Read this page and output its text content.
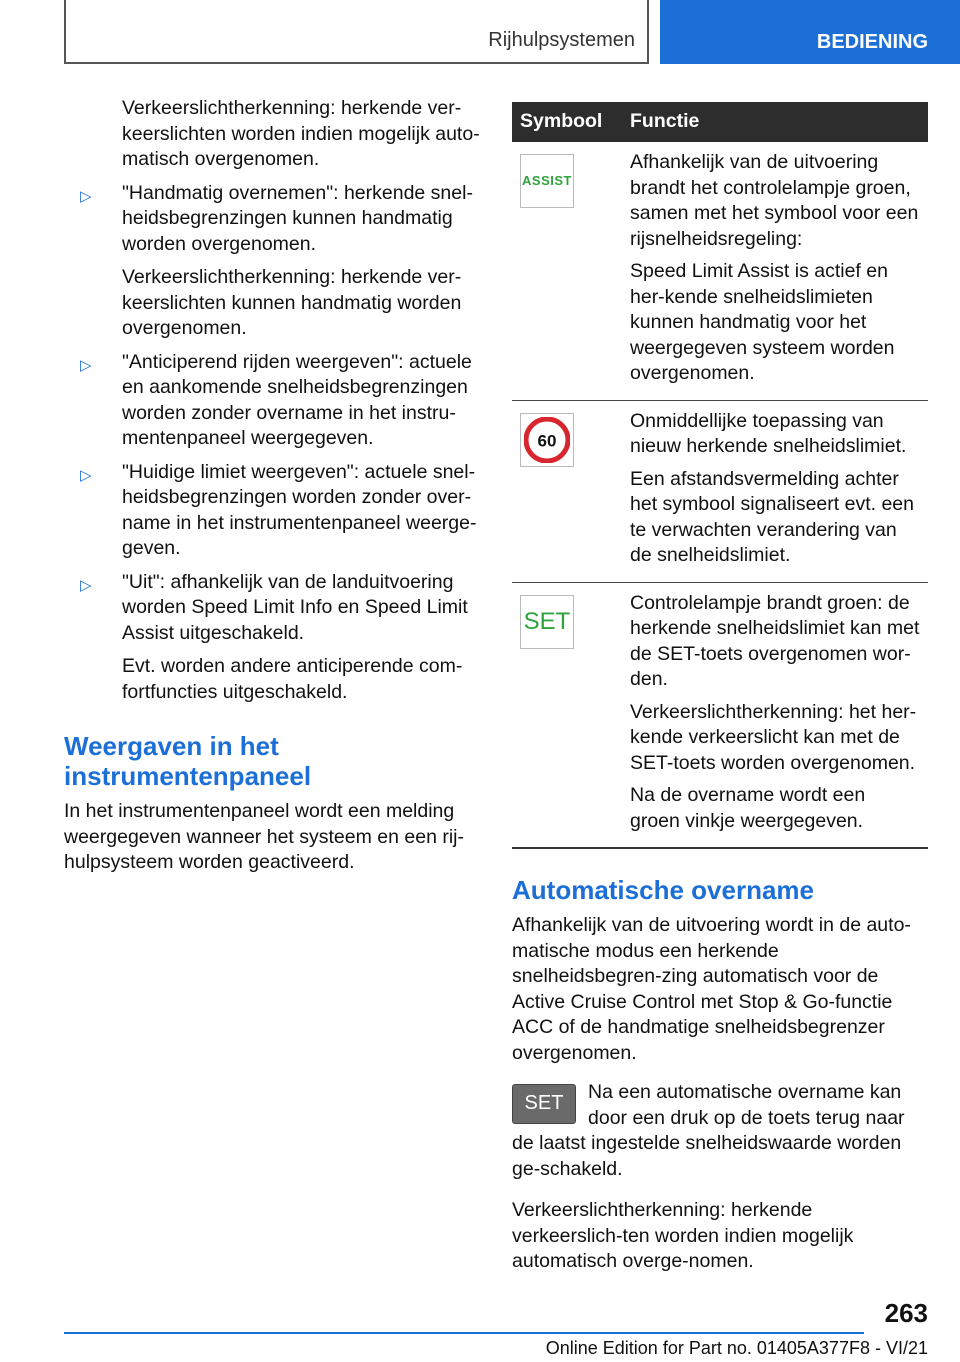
Rijhulpsystemen	BEDIENING

Verkeerslichtherkenning: herkende ver-keerslichten worden indien mogelijk auto-matisch overgenomen.

▷ "Handmatig overnemen": herkende snel-heidsbegrenzingen kunnen handmatig worden overgenomen.

Verkeerslichtherkenning: herkende ver-keerslichten kunnen handmatig worden overgenomen.

▷ "Anticiperend rijden weergeven": actuele en aankomende snelheidsbegrenzingen worden zonder overname in het instru-mentenpaneel weergegeven.
▷ "Huidige limiet weergeven": actuele snel-heidsbegrenzingen worden zonder over-name in het instrumentenpaneel weerge-geven.
▷ "Uit": afhankelijk van de landuitvoering worden Speed Limit Info en Speed Limit Assist uitgeschakeld.

Evt. worden andere anticiperende com-fortfuncties uitgeschakeld.

Weergaven in het instrumentenpaneel

In het instrumentenpaneel wordt een melding weergegeven wanneer het systeem en een rij-hulpsysteem worden geactiveerd.

Symbool	Functie

ASSIST	Afhankelijk van de uitvoering brandt het controlelampje groen, samen met het symbool voor een rijsnelheidsregeling:

Speed Limit Assist is actief en her-kende snelheidslimieten kunnen handmatig voor het weergegeven systeem worden overgenomen.

60	Onmiddellijke toepassing van nieuw herkende snelheidslimiet.

Een afstandsvermelding achter het symbool signaliseert evt. een te verwachten verandering van de snelheidslimiet.

SET	Controlelampje brandt groen: de herkende snelheidslimiet kan met de SET-toets overgenomen wor-den.

Verkeerslichtherkenning: het her-kende verkeerslicht kan met de SET-toets worden overgenomen.

Na de overname wordt een groen vinkje weergegeven.

Automatische overname

Afhankelijk van de uitvoering wordt in de auto-matische modus een herkende snelheidsbegren-zing automatisch voor de Active Cruise Control met Stop & Go-functie ACC of de handmatige snelheidsbegrenzer overgenomen.

SET
Na een automatische overname kan door een druk op de toets terug naar de laatst ingestelde snelheidswaarde worden ge-schakeld.

Verkeerslichtherkenning: herkende verkeerslich-ten worden indien mogelijk automatisch overge-nomen.

263
Online Edition for Part no. 01405A377F8 - VI/21
